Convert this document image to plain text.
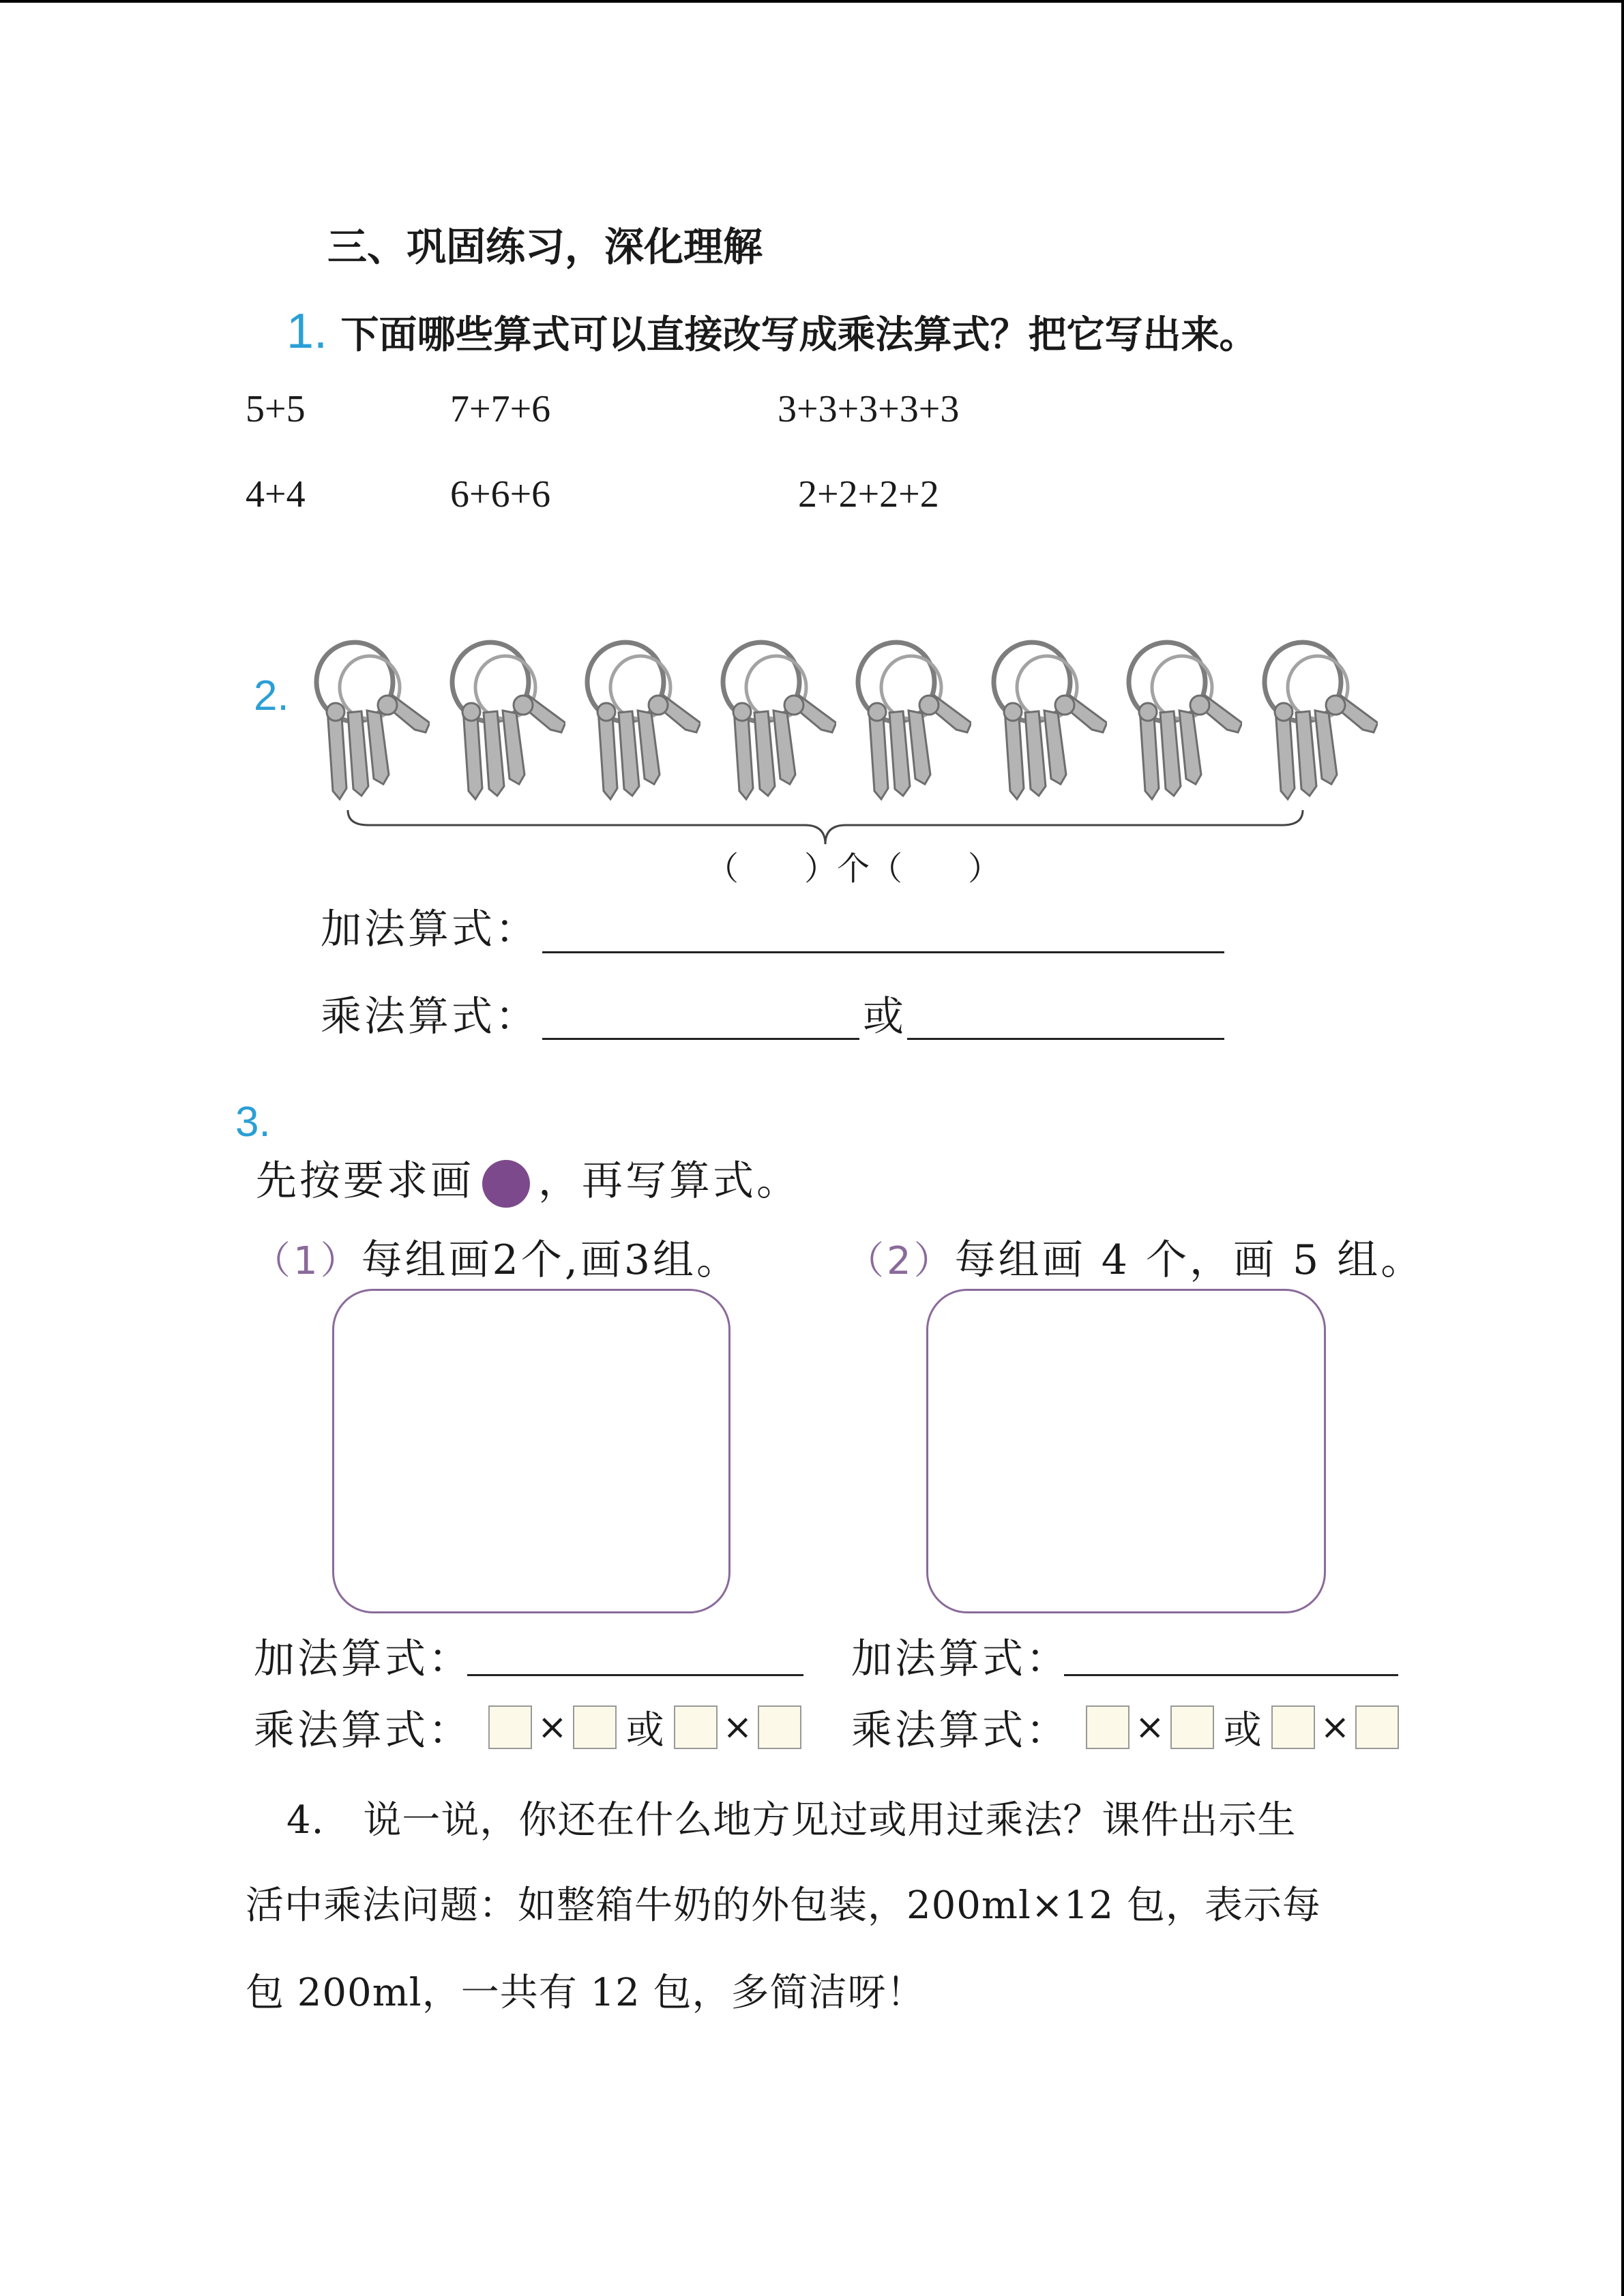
三、巩固练习，深化理解
1. 下面哪些算式可以直接改写成乘法算式？把它写出来。
5+5	7+7+6	3+3+3+3+3
4+4	6+6+6	2+2+2+2
2.
（　　）个（　　）
加法算式：
乘法算式：	或
3.
先按要求画 ，再写算式。
（1）每组画2个,画3组。	（2）每组画 4 个，画 5 组。
加法算式：
乘法算式： × 或 ×
加法算式：
乘法算式： × 或 ×
4.　说一说，你还在什么地方见过或用过乘法？课件出示生
活中乘法问题：如整箱牛奶的外包装，200ml×12 包，表示每
包 200ml，一共有 12 包，多简洁呀！
